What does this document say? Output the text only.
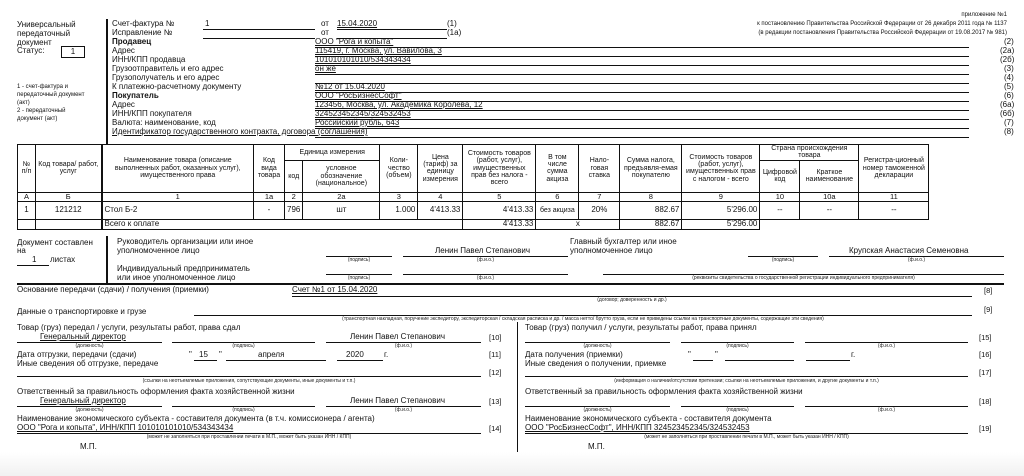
Универсальный
передаточный
документ
Статус:	1
1 - счет-фактура и
передаточный документ
(акт)
2 - передаточный
документ (акт)
приложение №1
к постановлению Правительства Российской Федерации от 26 декабря 2011 года № 1137
(в редакции постановления Правительства Российской Федерации от 19.08.2017 № 981)
Счет-фактура №	1	от 15.04.2020	(1)
Исправление №	от	(1а)
Продавец	ООО "Рога и копыта"	(2)
Адрес	115419, г. Москва, ул. Вавилова, 3	(2а)
ИНН/КПП продавца	101010101010/534343434	(2б)
Грузоотправитель и его адрес	он же	(3)
Грузополучатель и его адрес	(4)
К платежно-расчетному документу	№12 от 15.04.2020	(5)
Покупатель	ООО "РосБизнесСофт"	(6)
Адрес	123456, Москва, ул. Академика Королева, 12	(6а)
ИНН/КПП покупателя	324523452345/324532453	(6б)
Валюта: наименование, код	Российский рубль, 643	(7)
Идентификатор государственного контракта, договора (соглашения)	(8)
№ п/п	Код товара/ работ, услуг	Наименование товара (описание выполненных работ, оказанных услуг), имущественного права	Код вида товара	Единица измерения		Коли-чество (объем)	Цена (тариф) за единицу измерения	Стоимость товаров (работ, услуг), имущественных прав без налога - всего	В том числе сумма акциза	Нало-говая ставка	Сумма налога, предъявля-емая покупателю	Стоимость товаров (работ, услуг), имущественных прав с налогом - всего	Страна происхождения товара		Регистра-ционный номер таможенной декларации
				код	условное обозначение (национальное)								Цифровой код	Краткое наименование	
А	Б	1	1а	2	2а	3	4	5	6	7	8	9	10	10а	11
1	121212	Стол Б-2	-	796	шт	1.000	4'413.33	4'413.33	без акциза	20%	882.67	5'296.00	--	--	--
		Всего к оплате						4'413.33	х		882.67	5'296.00			
Документ составлен
на
1 листах
Руководитель организации или иное
уполномоченное лицо
(подпись)
Ленин Павел Степанович
(ф.и.о.)
Главный бухгалтер или иное
уполномоченное лицо
(подпись)
Крупская Анастасия Семеновна
(ф.и.о.)
Индивидуальный предприниматель
или иное уполномоченное лицо	(подпись)	(ф.и.о.)	(реквизиты свидетельства о государственной регистрации индивидуального предпринимателя)
Основание передачи (сдачи) / получения (приемки)	Счет №1 от 15.04.2020	[8]
(договор; доверенность и др.)
Данные о транспортировке и грузе	[9]
(транспортная накладная, поручение экспедитору, экспедиторская / складская расписка и др. / масса нетто/ брутто груза, если не приведены ссылки на транспортные документы, содержащие эти сведения)
Товар (груз) передал / услуги, результаты работ, права сдал
Генеральный директор
(должность)	(подпись)
Ленин Павел Степанович
(ф.и.о.)
[10]
Дата отгрузки, передачи (сдачи)	" 15 "	апреля	2020	г.	[11]
Иные сведения об отгрузке, передаче
[12]
(ссылки на неотъемлемые приложения, сопутствующие документы, иные документы и т.п.)
Ответственный за правильность оформления факта хозяйственной жизни
Генеральный директор
(должность)	(подпись)
Ленин Павел Степанович
(ф.и.о.)
[13]
Наименование экономического субъекта - составителя документа (в т.ч. комиссионера / агента)
ООО "Рога и копыта", ИНН/КПП 101010101010/534343434	[14]
(может не заполняться при проставлении печати в М.П., может быть указан ИНН / КПП)
М.П.
Товар (груз) получил / услуги, результаты работ, права принял
(должность)	(подпись)	(ф.и.о.)
[15]
Дата получения (приемки)	"	"	г.	[16]
Иные сведения о получении, приемке
[17]
(информация о наличии/отсутствии претензии; ссылки на неотъемлемые приложения, и другие документы и т.п.)
Ответственный за правильность оформления факта хозяйственной жизни
(должность)	(подпись)	(ф.и.о.)
[18]
Наименование экономического субъекта - составителя документа
ООО "РосБизнесСофт", ИНН/КПП 324523452345/324532453	[19]
(может не заполняться при проставлении печати в М.П., может быть указан ИНН / КПП)
М.П.
